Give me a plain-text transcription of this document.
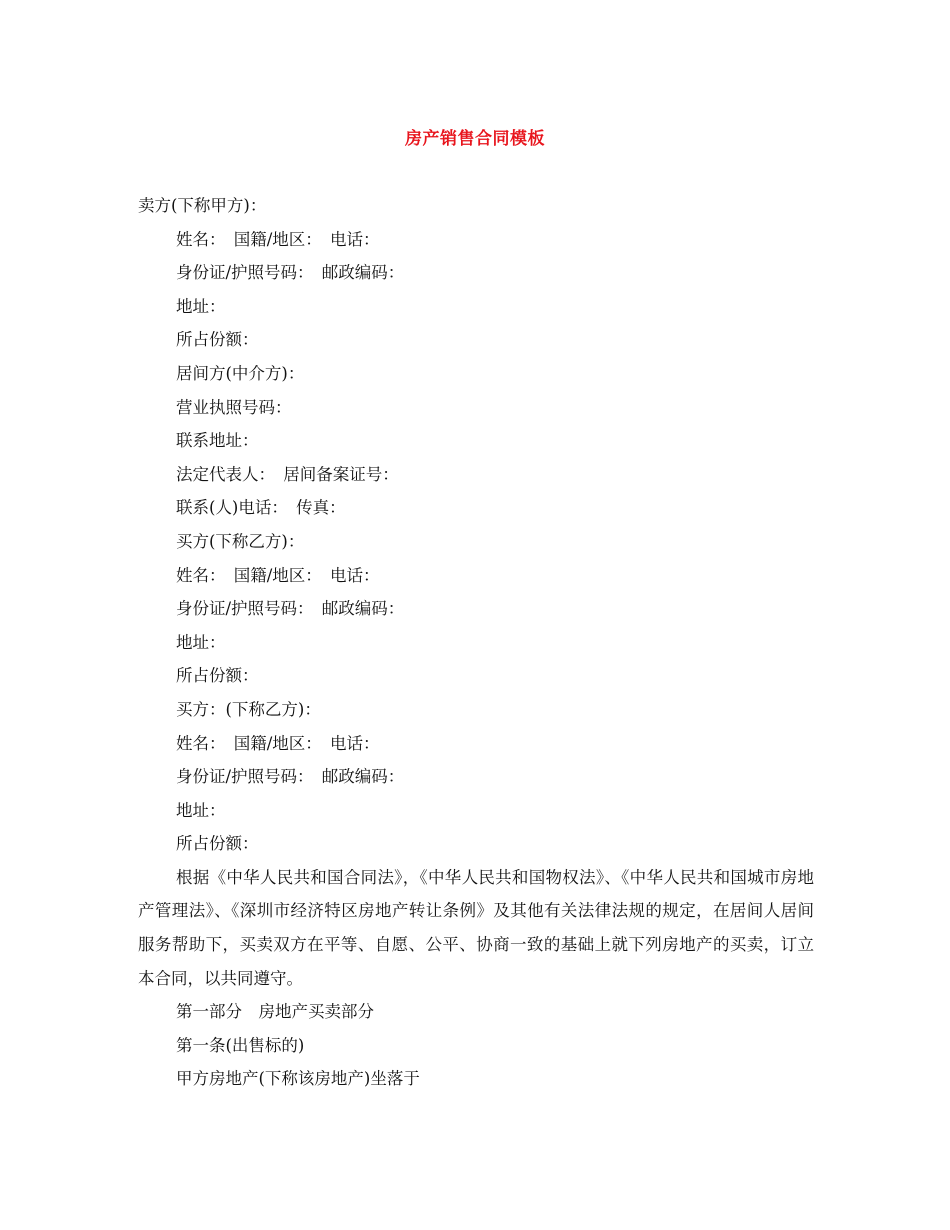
房产销售合同模板
卖方(下称甲方)：
姓名：　国籍/地区：　电话：
身份证/护照号码：　邮政编码：
地址：
所占份额：
居间方(中介方)：
营业执照号码：
联系地址：
法定代表人：　居间备案证号：
联系(人)电话：　传真：
买方(下称乙方)：
姓名：　国籍/地区：　电话：
身份证/护照号码：　邮政编码：
地址：
所占份额：
买方：(下称乙方)：
姓名：　国籍/地区：　电话：
身份证/护照号码：　邮政编码：
地址：
所占份额：
根据《中华人民共和国合同法》，《中华人民共和国物权法》、《中华人民共和国城市房地产管理法》、《深圳市经济特区房地产转让条例》及其他有关法律法规的规定，在居间人居间服务帮助下，买卖双方在平等、自愿、公平、协商一致的基础上就下列房地产的买卖，订立本合同，以共同遵守。
第一部分　房地产买卖部分
第一条(出售标的)
甲方房地产(下称该房地产)坐落于
